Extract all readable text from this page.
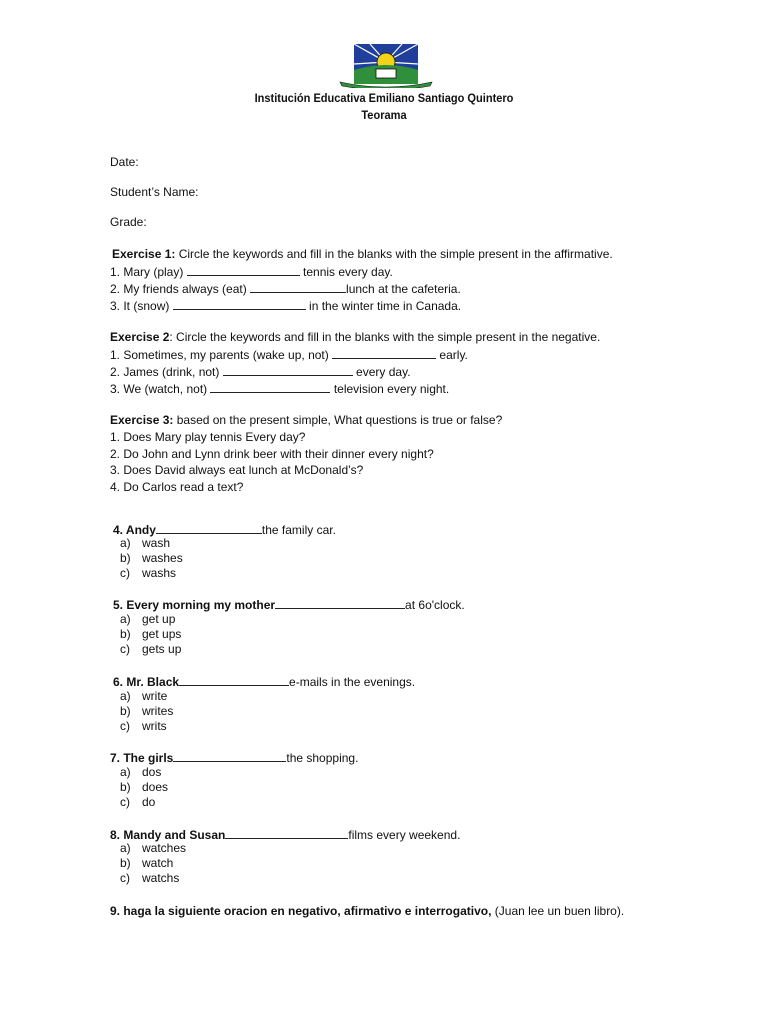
Institución Educativa Emiliano Santiago Quintero
Teorama
Date:
Student’s Name:
Grade:
Exercise 1: Circle the keywords and fill in the blanks with the simple present in the affirmative.
1. Mary (play)	tennis every day.
2. My friends always (eat)	lunch at the cafeteria.
3. It (snow)	in the winter time in Canada.
Exercise 2: Circle the keywords and fill in the blanks with the simple present in the negative.
1. Sometimes, my parents (wake up, not)	early.
2. James (drink, not)	every day.
3. We (watch, not)	television every night.
Exercise 3: based on the present simple, What questions is true or false?
1. Does Mary play tennis Every day?
2. Do John and Lynn drink beer with their dinner every night?
3. Does David always eat lunch at McDonald’s?
4. Do Carlos read a text?
4. Andy	the family car.
a) wash
b) washes
c) washs
5. Every morning my mother	at 6o'clock.
a) get up
b) get ups
c) gets up
6. Mr. Black	e-mails in the evenings.
a) write
b) writes
c) writs
7. The girls	the shopping.
a) dos
b) does
c) do
8. Mandy and Susan	films every weekend.
a) watches
b) watch
c) watchs
9. haga la siguiente oracion en negativo, afirmativo e interrogativo, (Juan lee un buen libro).
